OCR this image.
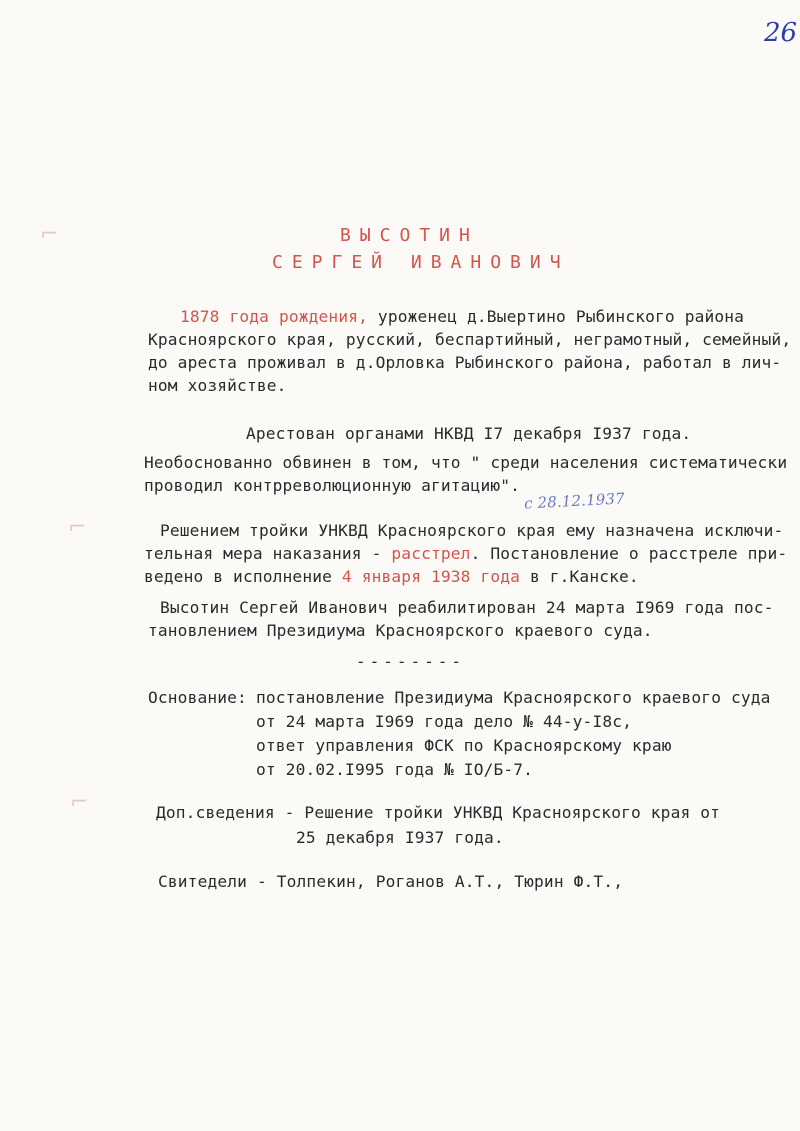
26
⌐
⌐
⌐
ВЫСОТИН
СЕРГЕЙ ИВАНОВИЧ
1878 года рождения, уроженец д.Выертино Рыбинского района
Красноярского края, русский, беспартийный, неграмотный, семейный,
до ареста проживал в д.Орловка Рыбинского района, работал в лич-
ном хозяйстве.
Арестован органами НКВД I7 декабря I937 года.
Необоснованно обвинен в том, что " среди населения систематически
проводил контрреволюционную агитацию".
с 28.12.1937
Решением тройки УНКВД Красноярского края ему назначена исключи-
тельная мера наказания - расстрел. Постановление о расстреле при-
ведено в исполнение 4 января 1938 года в г.Канске.
Высотин Сергей Иванович реабилитирован 24 марта I969 года пос-
тановлением Президиума Красноярского краевого суда.
--------
Основание: постановление Президиума Красноярского краевого суда
от 24 марта I969 года дело № 44-у-I8с,
ответ управления ФСК по Красноярскому краю
от 20.02.I995 года № IO/Б-7.
Доп.сведения - Решение тройки УНКВД Красноярского края от
25 декабря I937 года.
Свитедели - Толпекин, Роганов А.Т., Тюрин Ф.Т.,
